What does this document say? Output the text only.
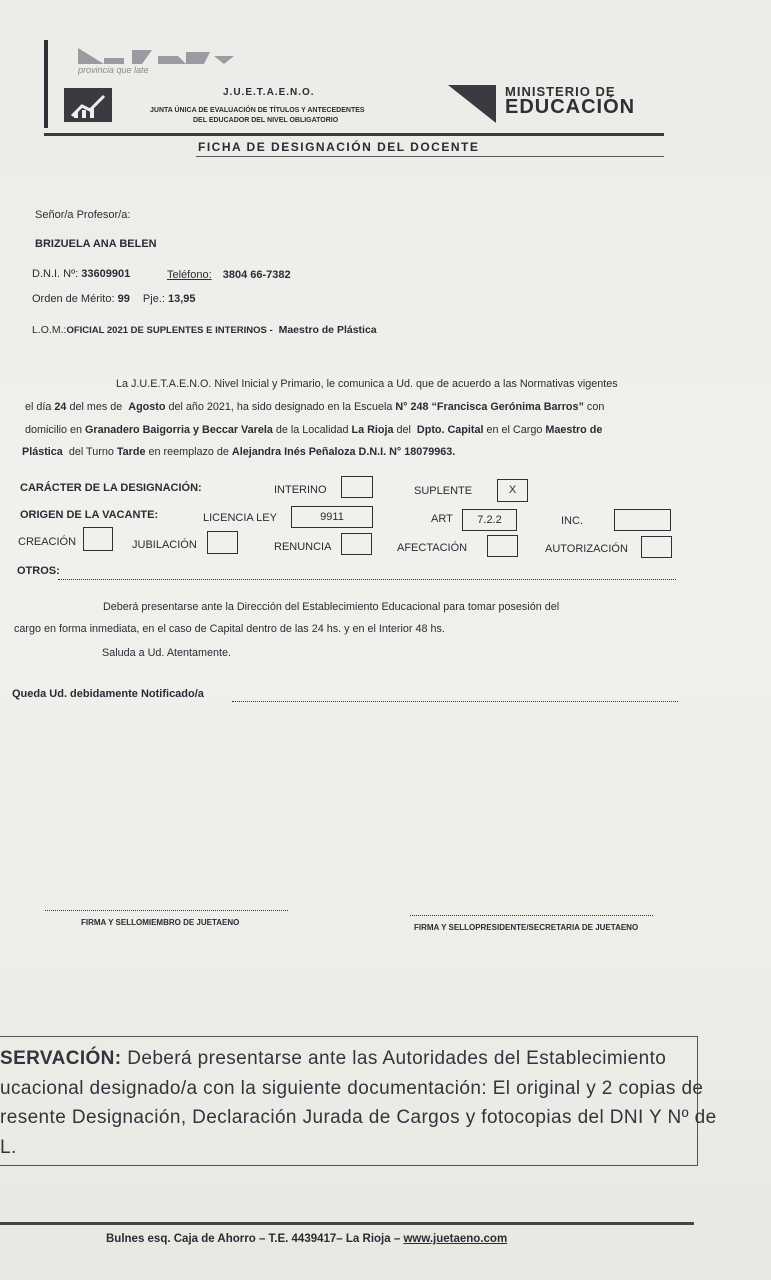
provincia que late
J.U.E.T.A.E.N.O.
JUNTA ÚNICA DE EVALUACIÓN DE TÍTULOS Y ANTECEDENTES
DEL EDUCADOR DEL NIVEL OBLIGATORIO
MINISTERIO DE
EDUCACIÓN
FICHA DE DESIGNACIÓN DEL DOCENTE
Señor/a Profesor/a:
BRIZUELA ANA BELEN
D.N.I. Nº: 33609901	Teléfono: 3804 66-7382
Orden de Mérito: 99 Pje.: 13,95
L.O.M.:OFICIAL 2021 DE SUPLENTES E INTERINOS - Maestro de Plástica
La J.U.E.T.A.E.N.O. Nivel Inicial y Primario, le comunica a Ud. que de acuerdo a las Normativas vigentes
el día 24 del mes de Agosto del año 2021, ha sido designado en la Escuela N° 248 “Francisca Gerónima Barros” con
domicilio en Granadero Baigorria y Beccar Varela de la Localidad La Rioja del Dpto. Capital en el Cargo Maestro de
Plástica del Turno Tarde en reemplazo de Alejandra Inés Peñaloza D.N.I. N° 18079963.
CARÁCTER DE LA DESIGNACIÓN:	INTERINO	SUPLENTE	X
ORIGEN DE LA VACANTE:	LICENCIA LEY	9911	ART	7.2.2	INC.
CREACIÓN	JUBILACIÓN	RENUNCIA	AFECTACIÓN	AUTORIZACIÓN
OTROS:
Deberá presentarse ante la Dirección del Establecimiento Educacional para tomar posesión del
cargo en forma inmediata, en el caso de Capital dentro de las 24 hs. y en el Interior 48 hs.
Saluda a Ud. Atentamente.
Queda Ud. debidamente Notificado/a
FIRMA Y SELLOMIEMBRO DE JUETAENO
FIRMA Y SELLOPRESIDENTE/SECRETARIA DE JUETAENO
SERVACIÓN: Deberá presentarse ante las Autoridades del Establecimiento
ucacional designado/a con la siguiente documentación: El original y 2 copias de
resente Designación, Declaración Jurada de Cargos y fotocopias del DNI Y Nº de
L.
Bulnes esq. Caja de Ahorro – T.E. 4439417– La Rioja – www.juetaeno.com
